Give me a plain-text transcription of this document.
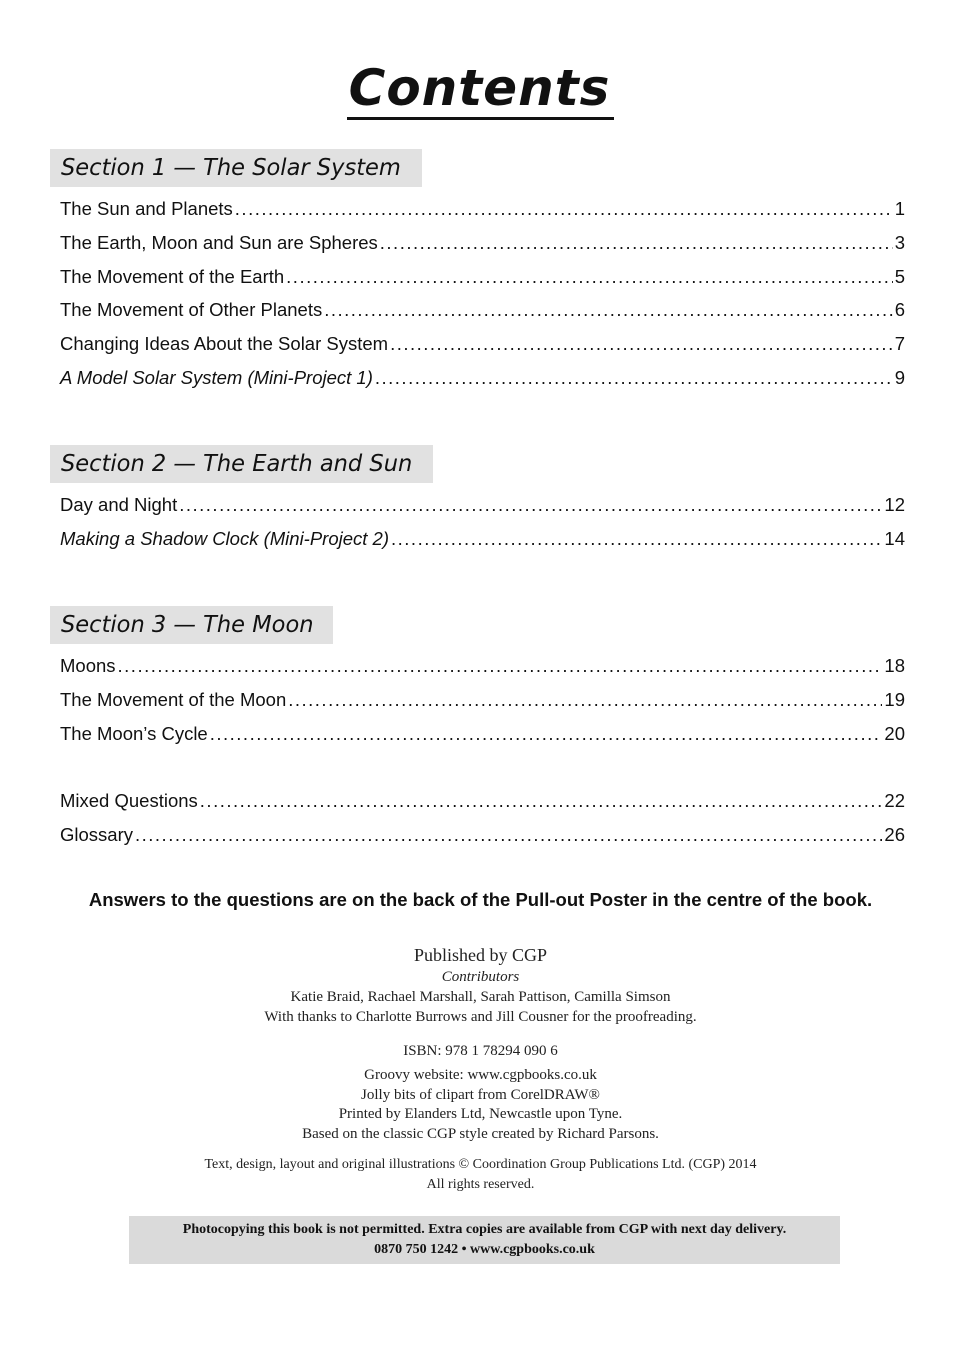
Contents
Section 1 — The Solar System
The Sun and Planets .....	1
The Earth, Moon and Sun are Spheres .....	3
The Movement of the Earth .....	5
The Movement of Other Planets .....	6
Changing Ideas About the Solar System .....	7
A Model Solar System (Mini-Project 1) .....	9
Section 2 — The Earth and Sun
Day and Night .....	12
Making a Shadow Clock (Mini-Project 2) .....	14
Section 3 — The Moon
Moons .....	18
The Movement of the Moon .....	19
The Moon’s Cycle .....	20
Mixed Questions .....	22
Glossary .....	26
Answers to the questions are on the back of the Pull-out Poster in the centre of the book.
Published by CGP
Contributors
Katie Braid, Rachael Marshall, Sarah Pattison, Camilla Simson
With thanks to Charlotte Burrows and Jill Cousner for the proofreading.
ISBN: 978 1 78294 090 6
Groovy website: www.cgpbooks.co.uk
Jolly bits of clipart from CorelDRAW®
Printed by Elanders Ltd, Newcastle upon Tyne.
Based on the classic CGP style created by Richard Parsons.
Text, design, layout and original illustrations © Coordination Group Publications Ltd. (CGP) 2014
All rights reserved.
Photocopying this book is not permitted. Extra copies are available from CGP with next day delivery.
0870 750 1242 • www.cgpbooks.co.uk
